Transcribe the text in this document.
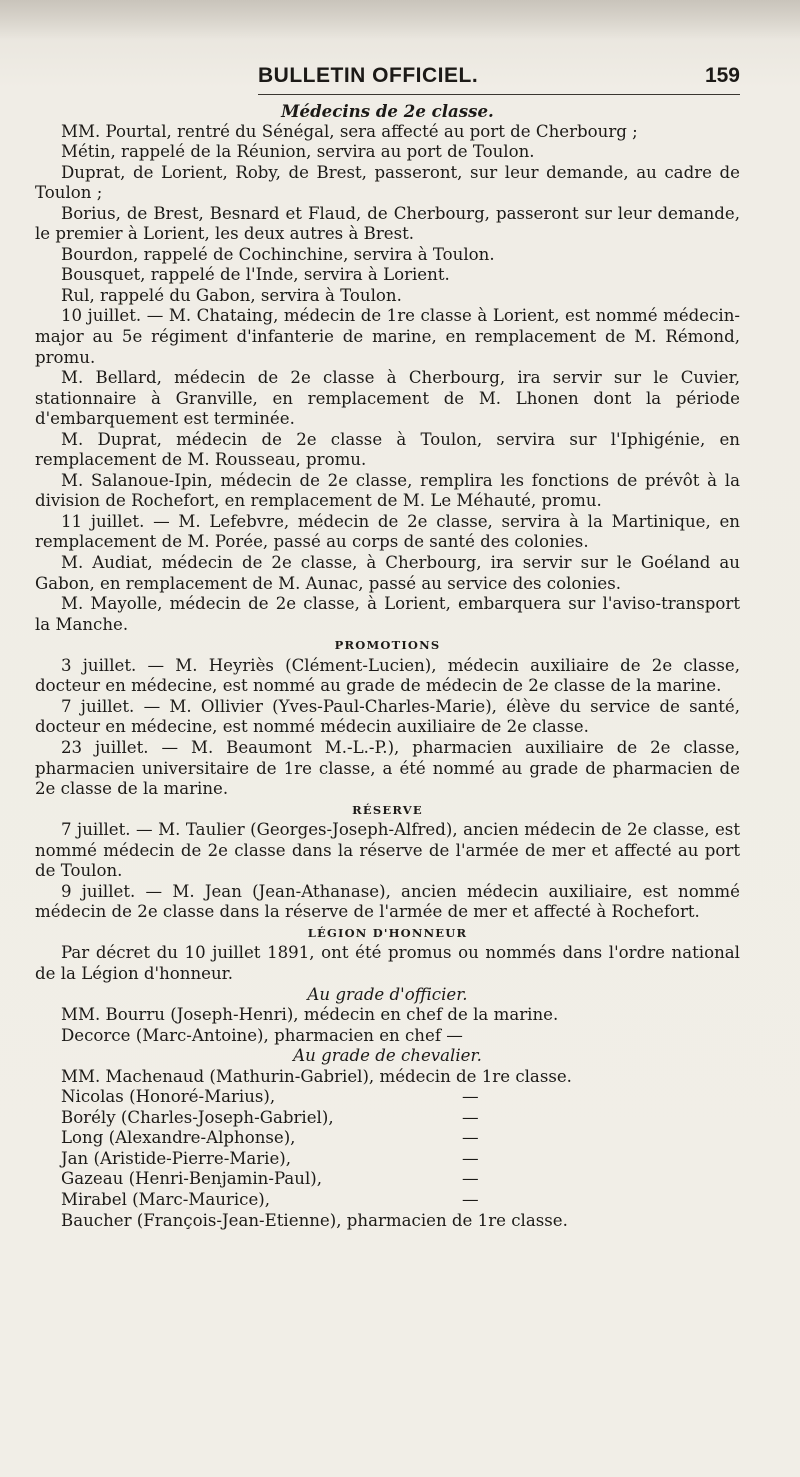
BULLETIN OFFICIEL.	159

Médecins de 2e classe.

MM. Pourtal, rentré du Sénégal, sera affecté au port de Cherbourg ;

Métin, rappelé de la Réunion, servira au port de Toulon.

Duprat, de Lorient, Roby, de Brest, passeront, sur leur demande, au cadre de Toulon ;

Borius, de Brest, Besnard et Flaud, de Cherbourg, passeront sur leur demande, le premier à Lorient, les deux autres à Brest.

Bourdon, rappelé de Cochinchine, servira à Toulon.

Bousquet, rappelé de l'Inde, servira à Lorient.

Rul, rappelé du Gabon, servira à Toulon.

10 juillet. — M. Chataing, médecin de 1re classe à Lorient, est nommé médecin-major au 5e régiment d'infanterie de marine, en remplacement de M. Rémond, promu.

M. Bellard, médecin de 2e classe à Cherbourg, ira servir sur le Cuvier, stationnaire à Granville, en remplacement de M. Lhonen dont la période d'embarquement est terminée.

M. Duprat, médecin de 2e classe à Toulon, servira sur l'Iphigénie, en remplacement de M. Rousseau, promu.

M. Salanoue-Ipin, médecin de 2e classe, remplira les fonctions de prévôt à la division de Rochefort, en remplacement de M. Le Méhauté, promu.

11 juillet. — M. Lefebvre, médecin de 2e classe, servira à la Martinique, en remplacement de M. Porée, passé au corps de santé des colonies.

M. Audiat, médecin de 2e classe, à Cherbourg, ira servir sur le Goéland au Gabon, en remplacement de M. Aunac, passé au service des colonies.

M. Mayolle, médecin de 2e classe, à Lorient, embarquera sur l'aviso-transport la Manche.

PROMOTIONS

3 juillet. — M. Heyriès (Clément-Lucien), médecin auxiliaire de 2e classe, docteur en médecine, est nommé au grade de médecin de 2e classe de la marine.

7 juillet. — M. Ollivier (Yves-Paul-Charles-Marie), élève du service de santé, docteur en médecine, est nommé médecin auxiliaire de 2e classe.

23 juillet. — M. Beaumont M.-L.-P.), pharmacien auxiliaire de 2e classe, pharmacien universitaire de 1re classe, a été nommé au grade de pharmacien de 2e classe de la marine.

RÉSERVE

7 juillet. — M. Taulier (Georges-Joseph-Alfred), ancien médecin de 2e classe, est nommé médecin de 2e classe dans la réserve de l'armée de mer et affecté au port de Toulon.

9 juillet. — M. Jean (Jean-Athanase), ancien médecin auxiliaire, est nommé médecin de 2e classe dans la réserve de l'armée de mer et affecté à Rochefort.

LÉGION D'HONNEUR

Par décret du 10 juillet 1891, ont été promus ou nommés dans l'ordre national de la Légion d'honneur.

Au grade d'officier.

MM. Bourru (Joseph-Henri), médecin en chef de la marine.

Decorce (Marc-Antoine), pharmacien en chef —

Au grade de chevalier.

MM. Machenaud (Mathurin-Gabriel), médecin de 1re classe.

Nicolas (Honoré-Marius),	—
Borély (Charles-Joseph-Gabriel),	—
Long (Alexandre-Alphonse),	—
Jan (Aristide-Pierre-Marie),	—
Gazeau (Henri-Benjamin-Paul),	—
Mirabel (Marc-Maurice),	—

Baucher (François-Jean-Etienne), pharmacien de 1re classe.
